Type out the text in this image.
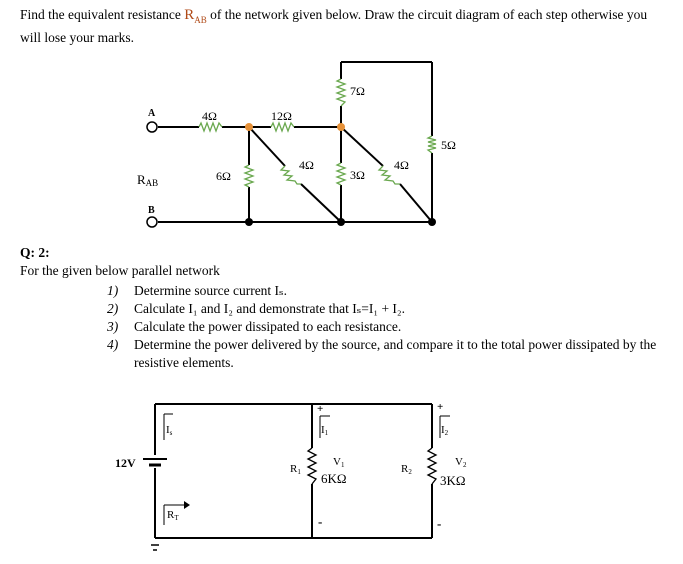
Find the equivalent resistance $R_{AB}$ of the network given below. Draw the circuit diagram of each step otherwise you will lose your marks.
A
B
RAB
4Ω	12Ω
7Ω
5Ω
6Ω	3Ω
4Ω	4Ω
Q: 2:
For the given below parallel network
1) Determine source current Iₛ.
2) Calculate I₁ and I₂ and demonstrate that Iₛ=I₁ + I₂.
3) Calculate the power dissipated to each resistance.
4) Determine the power delivered by the source, and compare it to the total power dissipated by the resistive elements.
12V
Is
RT
R1 6KΩ
R2
3KΩ
I1	I2
V1	V2
+	+
-	-
